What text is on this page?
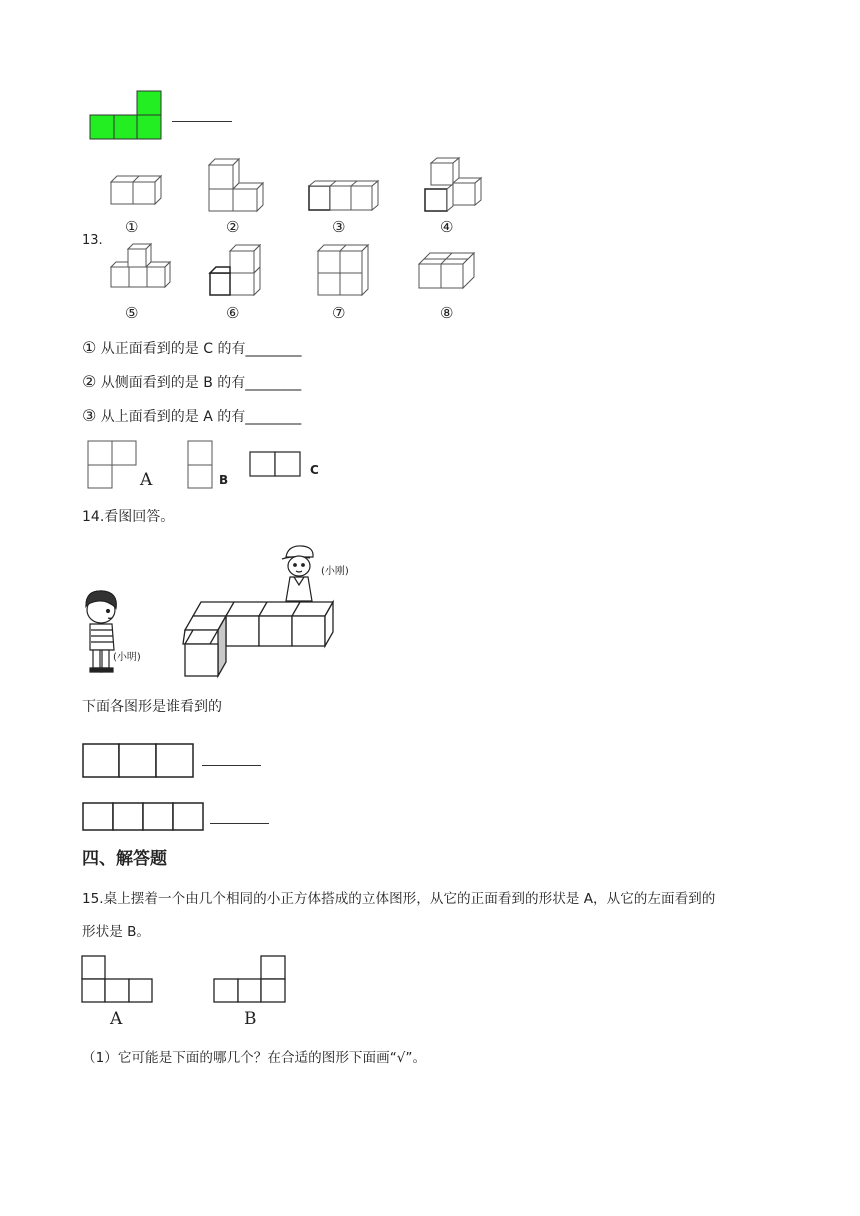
13.
①	②	③	④
⑤	⑥	⑦	⑧
① 从正面看到的是 C 的有________
② 从侧面看到的是 B 的有________
③ 从上面看到的是 A 的有________
A	B
C
14.看图回答。
(小刚)
(小明)
下面各图形是谁看到的
四、解答题
15.桌上摆着一个由几个相同的小正方体搭成的立体图形，从它的正面看到的形状是 A，从它的左面看到的
形状是 B。
A	B
（1）它可能是下面的哪几个？在合适的图形下面画“√”。
